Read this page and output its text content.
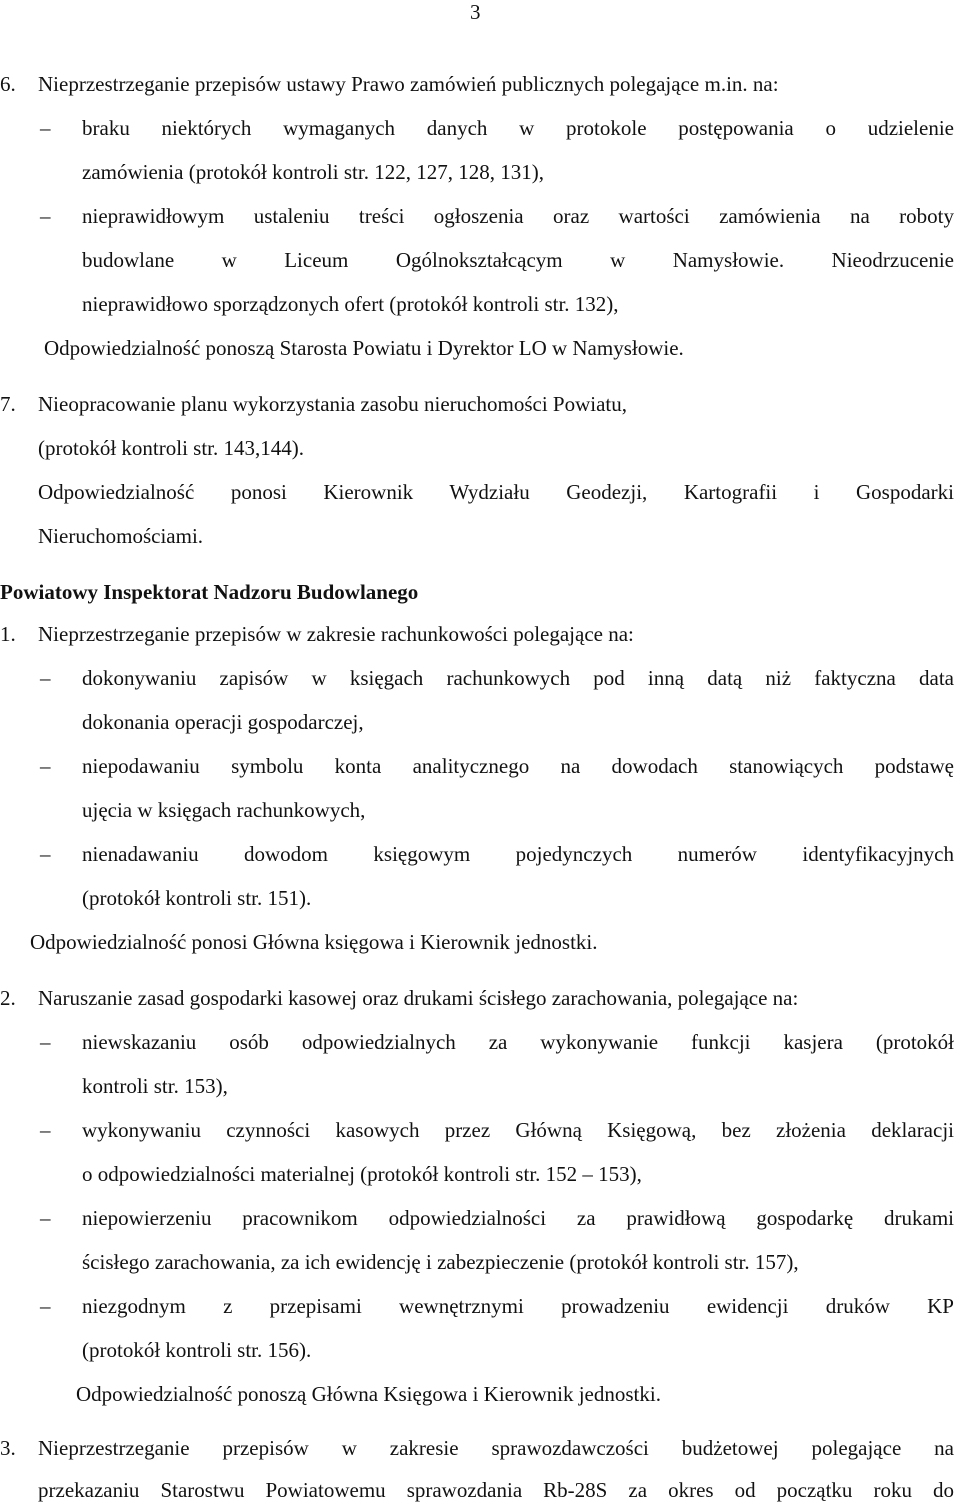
3
6. Nieprzestrzeganie przepisów ustawy Prawo zamówień publicznych polegające m.in. na:
– braku niektórych wymaganych danych w protokole postępowania o udzielenie
zamówienia (protokół kontroli str. 122, 127, 128, 131),
– nieprawidłowym ustaleniu treści ogłoszenia oraz wartości zamówienia na roboty
budowlane w Liceum Ogólnokształcącym w Namysłowie. Nieodrzucenie
nieprawidłowo sporządzonych ofert (protokół kontroli str. 132),
Odpowiedzialność ponoszą Starosta Powiatu i Dyrektor LO w Namysłowie.
7. Nieopracowanie planu wykorzystania zasobu nieruchomości Powiatu,
(protokół kontroli str. 143,144).
Odpowiedzialność ponosi Kierownik Wydziału Geodezji, Kartografii i Gospodarki
Nieruchomościami.
Powiatowy Inspektorat Nadzoru Budowlanego
1. Nieprzestrzeganie przepisów w zakresie rachunkowości polegające na:
– dokonywaniu zapisów w księgach rachunkowych pod inną datą niż faktyczna data
dokonania operacji gospodarczej,
– niepodawaniu symbolu konta analitycznego na dowodach stanowiących podstawę
ujęcia w księgach rachunkowych,
– nienadawaniu dowodom księgowym pojedynczych numerów identyfikacyjnych
(protokół kontroli str. 151).
Odpowiedzialność ponosi Główna księgowa i Kierownik jednostki.
2. Naruszanie zasad gospodarki kasowej oraz drukami ścisłego zarachowania, polegające na:
– niewskazaniu osób odpowiedzialnych za wykonywanie funkcji kasjera (protokół
kontroli str. 153),
– wykonywaniu czynności kasowych przez Główną Księgową, bez złożenia deklaracji
o odpowiedzialności materialnej (protokół kontroli str. 152 – 153),
– niepowierzeniu pracownikom odpowiedzialności za prawidłową gospodarkę drukami
ścisłego zarachowania, za ich ewidencję i zabezpieczenie (protokół kontroli str. 157),
– niezgodnym z przepisami wewnętrznymi prowadzeniu ewidencji druków KP
(protokół kontroli str. 156).
Odpowiedzialność ponoszą Główna Księgowa i Kierownik jednostki.
3. Nieprzestrzeganie przepisów w zakresie sprawozdawczości budżetowej polegające na
przekazaniu Starostwu Powiatowemu sprawozdania Rb-28S za okres od początku roku do
